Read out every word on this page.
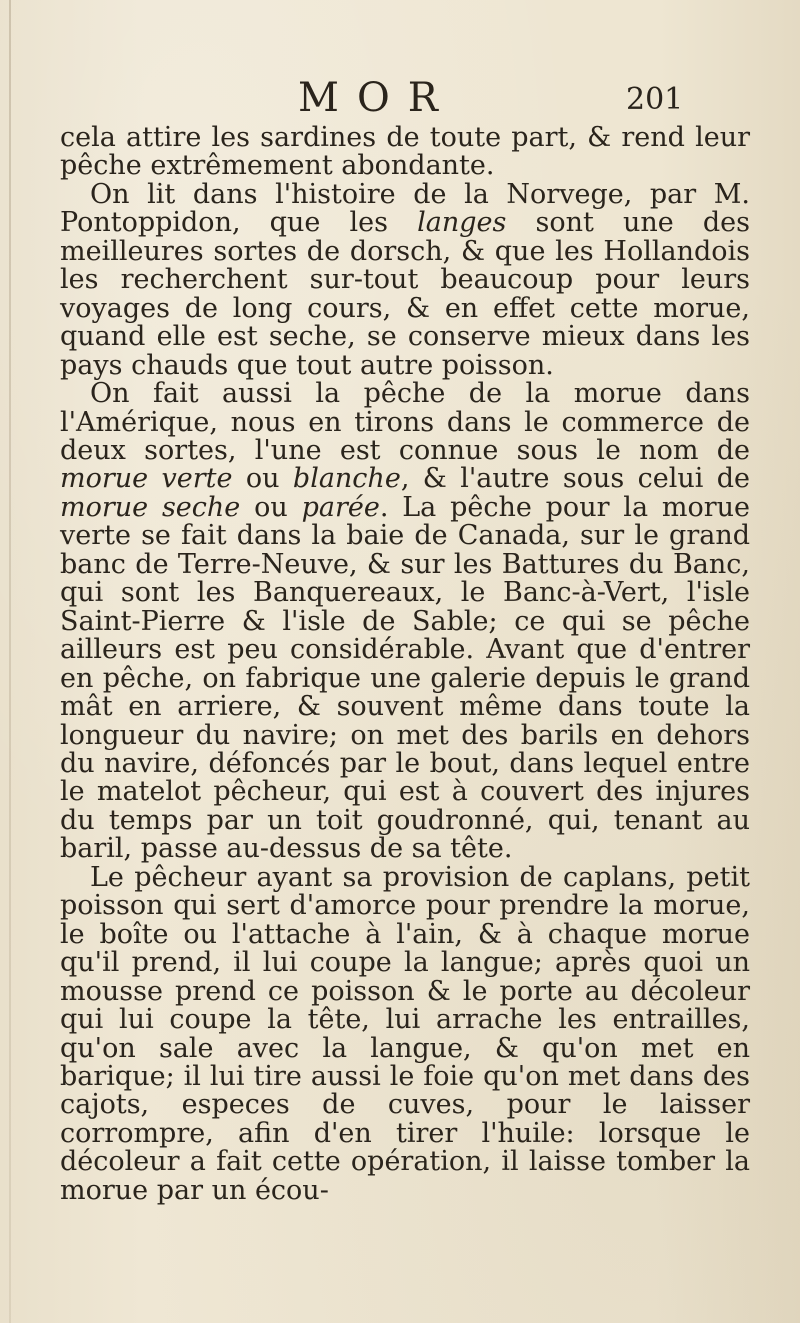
MOR	201

cela attire les sardines de toute part, & rend leur pêche extrêmement abondante.

On lit dans l'histoire de la Norvege, par M. Pontoppidon, que les langes sont une des meilleures sortes de dorsch, & que les Hollandois les recherchent sur-tout beaucoup pour leurs voyages de long cours, & en effet cette morue, quand elle est seche, se conserve mieux dans les pays chauds que tout autre poisson.

On fait aussi la pêche de la morue dans l'Amérique, nous en tirons dans le commerce de deux sortes, l'une est connue sous le nom de morue verte ou blanche, & l'autre sous celui de morue seche ou parée. La pêche pour la morue verte se fait dans la baie de Canada, sur le grand banc de Terre-Neuve, & sur les Battures du Banc, qui sont les Banquereaux, le Banc-à-Vert, l'isle Saint-Pierre & l'isle de Sable; ce qui se pêche ailleurs est peu considérable. Avant que d'entrer en pêche, on fabrique une galerie depuis le grand mât en arriere, & souvent même dans toute la longueur du navire; on met des barils en dehors du navire, défoncés par le bout, dans lequel entre le matelot pêcheur, qui est à couvert des injures du temps par un toit goudronné, qui, tenant au baril, passe au-dessus de sa tête.

Le pêcheur ayant sa provision de caplans, petit poisson qui sert d'amorce pour prendre la morue, le boîte ou l'attache à l'ain, & à chaque morue qu'il prend, il lui coupe la langue; après quoi un mousse prend ce poisson & le porte au décoleur qui lui coupe la tête, lui arrache les entrailles, qu'on sale avec la langue, & qu'on met en barique; il lui tire aussi le foie qu'on met dans des cajots, especes de cuves, pour le laisser corrompre, afin d'en tirer l'huile: lorsque le décoleur a fait cette opération, il laisse tomber la morue par un écou-
